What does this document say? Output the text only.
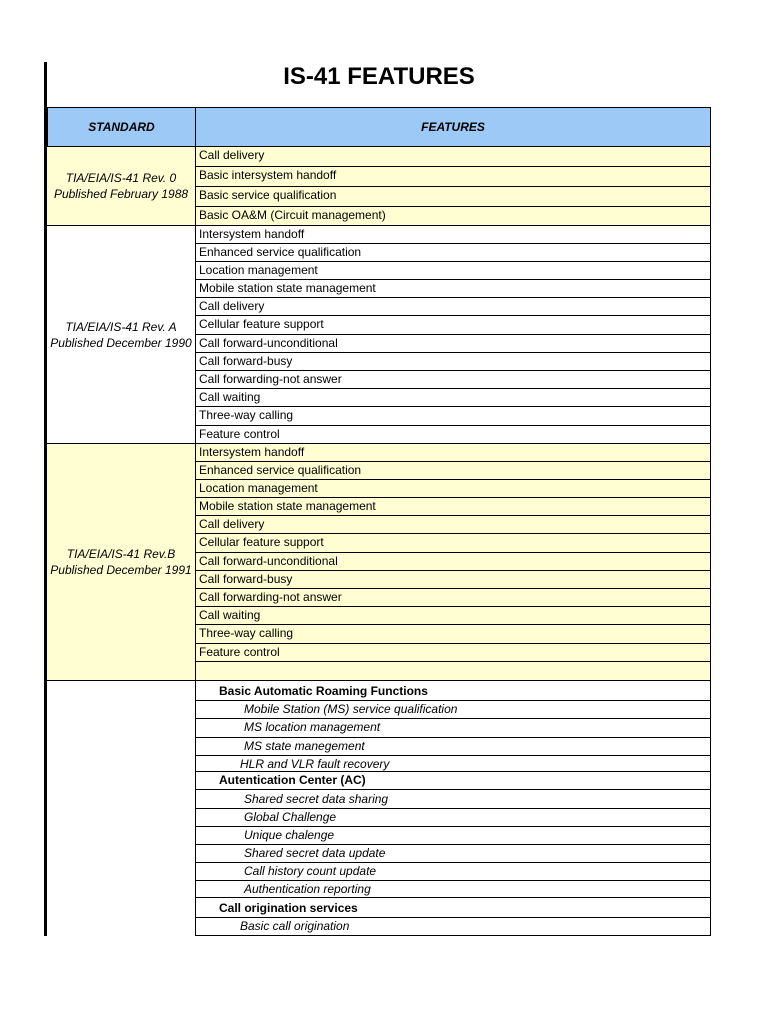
IS-41 FEATURES
STANDARD	FEATURES
TIA/EIA/IS-41 Rev. 0 Published February 1988
Call delivery
Basic intersystem handoff
Basic service qualification
Basic OA&M (Circuit management)
TIA/EIA/IS-41 Rev. A Published December 1990
Intersystem handoff
Enhanced service qualification
Location management
Mobile station state management
Call delivery
Cellular feature support
Call forward-unconditional
Call forward-busy
Call forwarding-not answer
Call waiting
Three-way calling
Feature control
TIA/EIA/IS-41 Rev.B Published December 1991
Intersystem handoff
Enhanced service qualification
Location management
Mobile station state management
Call delivery
Cellular feature support
Call forward-unconditional
Call forward-busy
Call forwarding-not answer
Call waiting
Three-way calling
Feature control
Basic Automatic Roaming Functions
Mobile Station (MS) service qualification
MS location management
MS state manegement
HLR and VLR fault recovery
Autentication Center (AC)
Shared secret data sharing
Global Challenge
Unique chalenge
Shared secret data update
Call history count update
Authentication reporting
Call origination services
Basic call origination
